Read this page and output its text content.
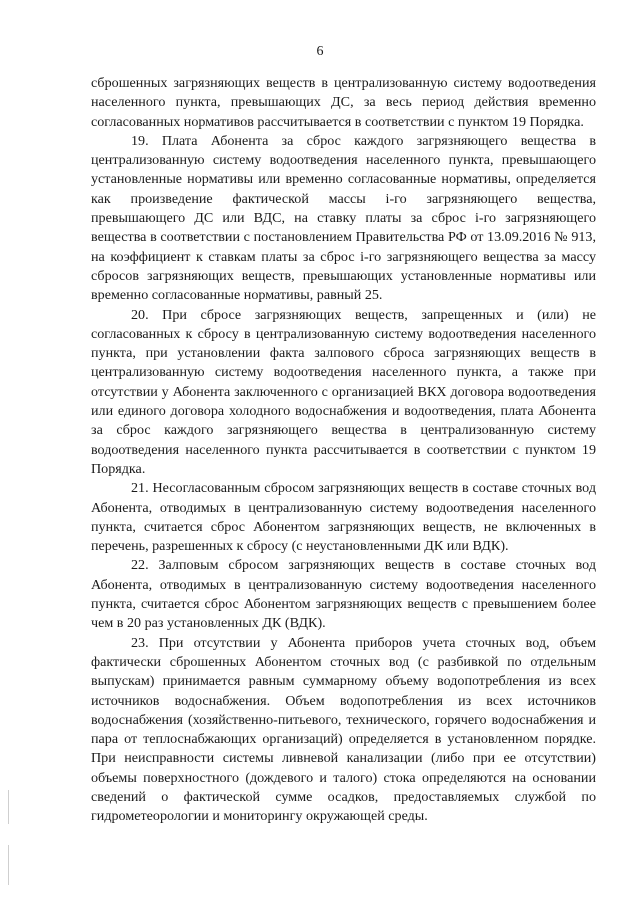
6

сброшенных загрязняющих веществ в централизованную систему водоотведения населенного пункта, превышающих ДС, за весь период действия временно согласованных нормативов рассчитывается в соответствии с пунктом 19 Порядка.

19. Плата Абонента за сброс каждого загрязняющего вещества в централизованную систему водоотведения населенного пункта, превышающего установленные нормативы или временно согласованные нормативы, определяется как произведение фактической массы i-го загрязняющего вещества, превышающего ДС или ВДС, на ставку платы за сброс i-го загрязняющего вещества в соответствии с постановлением Правительства РФ от 13.09.2016 № 913, на коэффициент к ставкам платы за сброс i-го загрязняющего вещества за массу сбросов загрязняющих веществ, превышающих установленные нормативы или временно согласованные нормативы, равный 25.

20. При сбросе загрязняющих веществ, запрещенных и (или) не согласованных к сбросу в централизованную систему водоотведения населенного пункта, при установлении факта залпового сброса загрязняющих веществ в централизованную систему водоотведения населенного пункта, а также при отсутствии у Абонента заключенного с организацией ВКХ договора водоотведения или единого договора холодного водоснабжения и водоотведения, плата Абонента за сброс каждого загрязняющего вещества в централизованную систему водоотведения населенного пункта рассчитывается в соответствии с пунктом 19 Порядка.

21. Несогласованным сбросом загрязняющих веществ в составе сточных вод Абонента, отводимых в централизованную систему водоотведения населенного пункта, считается сброс Абонентом загрязняющих веществ, не включенных в перечень, разрешенных к сбросу (с неустановленными ДК или ВДК).

22. Залповым сбросом загрязняющих веществ в составе сточных вод Абонента, отводимых в централизованную систему водоотведения населенного пункта, считается сброс Абонентом загрязняющих веществ с превышением более чем в 20 раз установленных ДК (ВДК).

23. При отсутствии у Абонента приборов учета сточных вод, объем фактически сброшенных Абонентом сточных вод (с разбивкой по отдельным выпускам) принимается равным суммарному объему водопотребления из всех источников водоснабжения. Объем водопотребления из всех источников водоснабжения (хозяйственно-питьевого, технического, горячего водоснабжения и пара от теплоснабжающих организаций) определяется в установленном порядке. При неисправности системы ливневой канализации (либо при ее отсутствии) объемы поверхностного (дождевого и талого) стока определяются на основании сведений о фактической сумме осадков, предоставляемых службой по гидрометеорологии и мониторингу окружающей среды.
